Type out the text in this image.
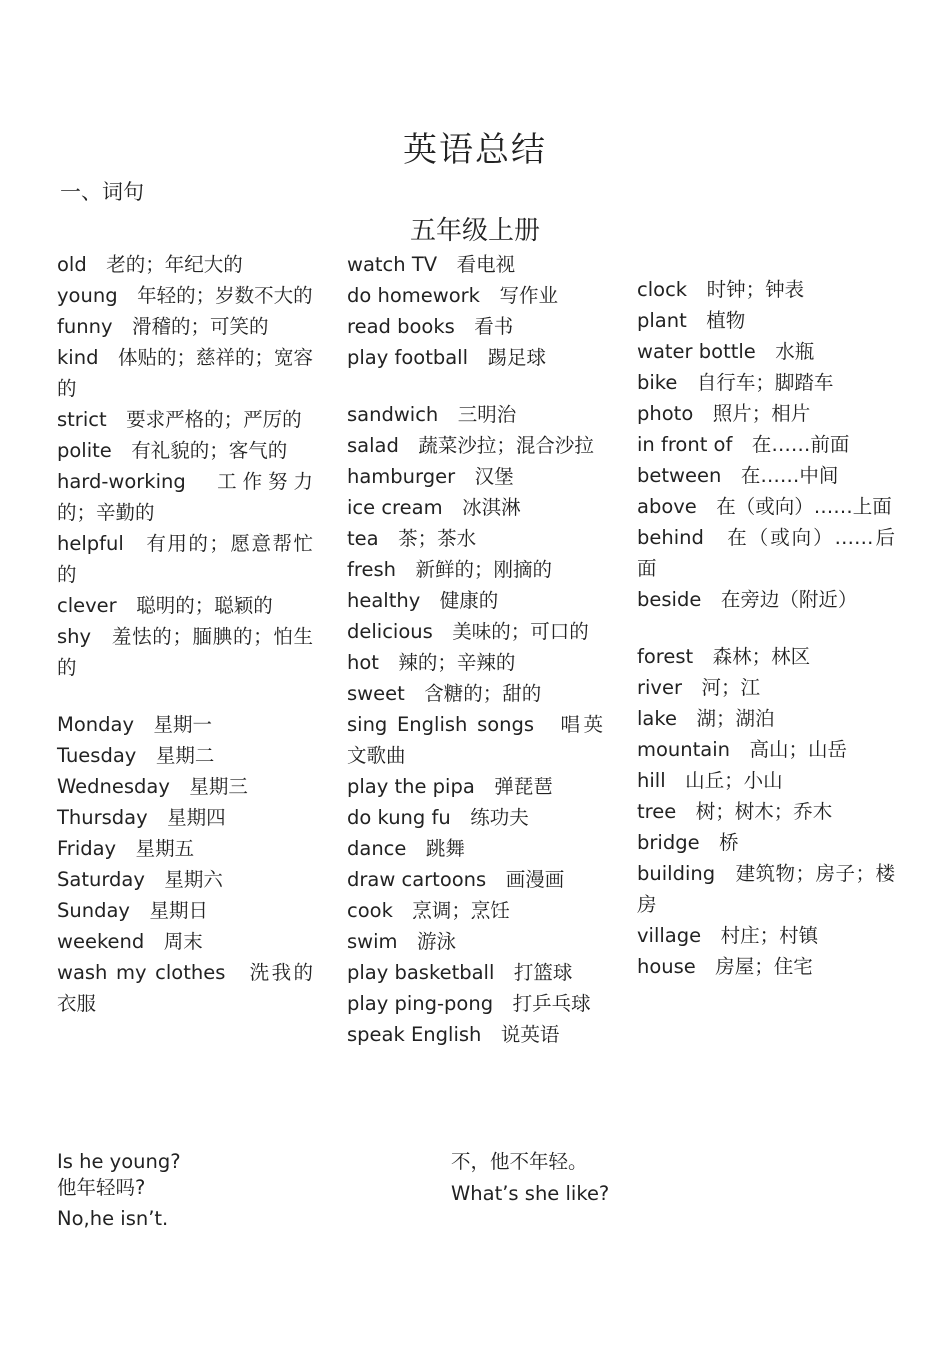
英语总结
一、词句
五年级上册
old　老的；年纪大的
young　年轻的；岁数不大的
funny　滑稽的；可笑的
kind　体贴的；慈祥的；宽容的
strict　要求严格的；严厉的
polite　有礼貌的；客气的
hard-working　工作努力的；辛勤的
helpful　有用的；愿意帮忙的
clever　聪明的；聪颖的
shy　羞怯的；腼腆的；怕生的
Monday　星期一
Tuesday　星期二
Wednesday　星期三
Thursday　星期四
Friday　星期五
Saturday　星期六
Sunday　星期日
weekend　周末
wash my clothes　洗我的衣服
watch TV　看电视
do homework　写作业
read books　看书
play football　踢足球
sandwich　三明治
salad　蔬菜沙拉；混合沙拉
hamburger　汉堡
ice cream　冰淇淋
tea　茶；茶水
fresh　新鲜的；刚摘的
healthy　健康的
delicious　美味的；可口的
hot　辣的；辛辣的
sweet　含糖的；甜的
sing English songs　唱英文歌曲
play the pipa　弹琵琶
do kung fu　练功夫
dance　跳舞
draw cartoons　画漫画
cook　烹调；烹饪
swim　游泳
play basketball　打篮球
play ping-pong　打乒乓球
speak English　说英语
clock　时钟；钟表
plant　植物
water bottle　水瓶
bike　自行车；脚踏车
photo　照片；相片
in front of　在……前面
between　在……中间
above　在（或向）……上面
behind　在（或向）……后面
beside　在旁边（附近）
forest　森林；林区
river　河；江
lake　湖；湖泊
mountain　高山；山岳
hill　山丘；小山
tree　树；树木；乔木
bridge　桥
building　建筑物；房子；楼房
village　村庄；村镇
house　房屋；住宅
Is he young?
他年轻吗?
No,he isn’t.
不，他不年轻。
What’s she like?
